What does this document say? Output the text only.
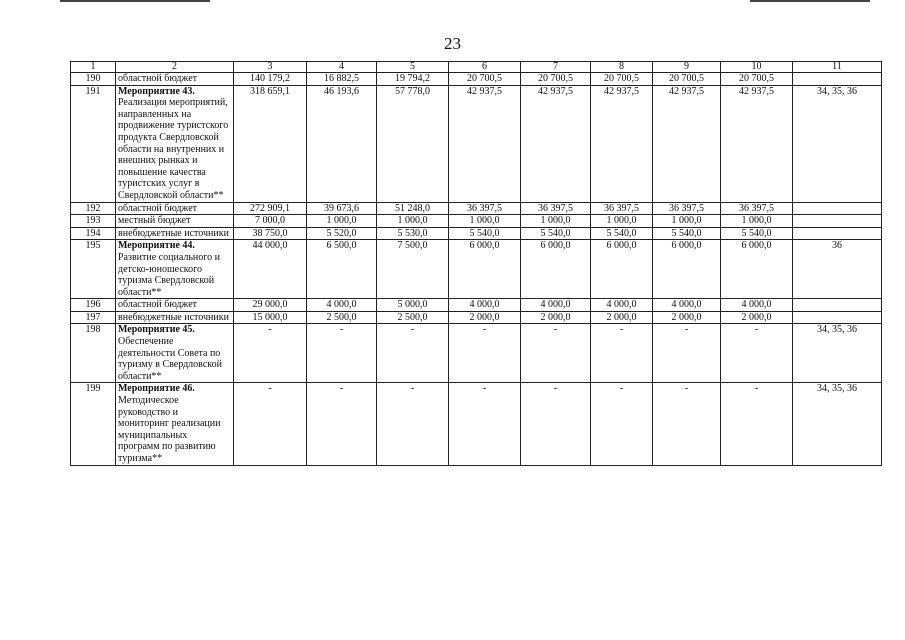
23
1	2	3	4	5	6	7	8	9	10	11
190	областной бюджет	140 179,2	16 882,5	19 794,2	20 700,5	20 700,5	20 700,5	20 700,5	20 700,5	
191	Мероприятие 43. Реализация мероприятий, направленных на продвижение туристского продукта Свердловской области на внутренних и внешних рынках и повышение качества туристских услуг в Свердловской области**	318 659,1	46 193,6	57 778,0	42 937,5	42 937,5	42 937,5	42 937,5	42 937,5	34, 35, 36
192	областной бюджет	272 909,1	39 673,6	51 248,0	36 397,5	36 397,5	36 397,5	36 397,5	36 397,5	
193	местный бюджет	7 000,0	1 000,0	1 000,0	1 000,0	1 000,0	1 000,0	1 000,0	1 000,0	
194	внебюджетные источники	38 750,0	5 520,0	5 530,0	5 540,0	5 540,0	5 540,0	5 540,0	5 540,0	
195	Мероприятие 44. Развитие социального и детско-юношеского туризма Свердловской области**	44 000,0	6 500,0	7 500,0	6 000,0	6 000,0	6 000,0	6 000,0	6 000,0	36
196	областной бюджет	29 000,0	4 000,0	5 000,0	4 000,0	4 000,0	4 000,0	4 000,0	4 000,0	
197	внебюджетные источники	15 000,0	2 500,0	2 500,0	2 000,0	2 000,0	2 000,0	2 000,0	2 000,0	
198	Мероприятие 45. Обеспечение деятельности Совета по туризму в Свердловской области**	-	-	-	-	-	-	-	-	34, 35, 36
199	Мероприятие 46. Методическое руководство и мониторинг реализации муниципальных программ по развитию туризма**	-	-	-	-	-	-	-	-	34, 35, 36
